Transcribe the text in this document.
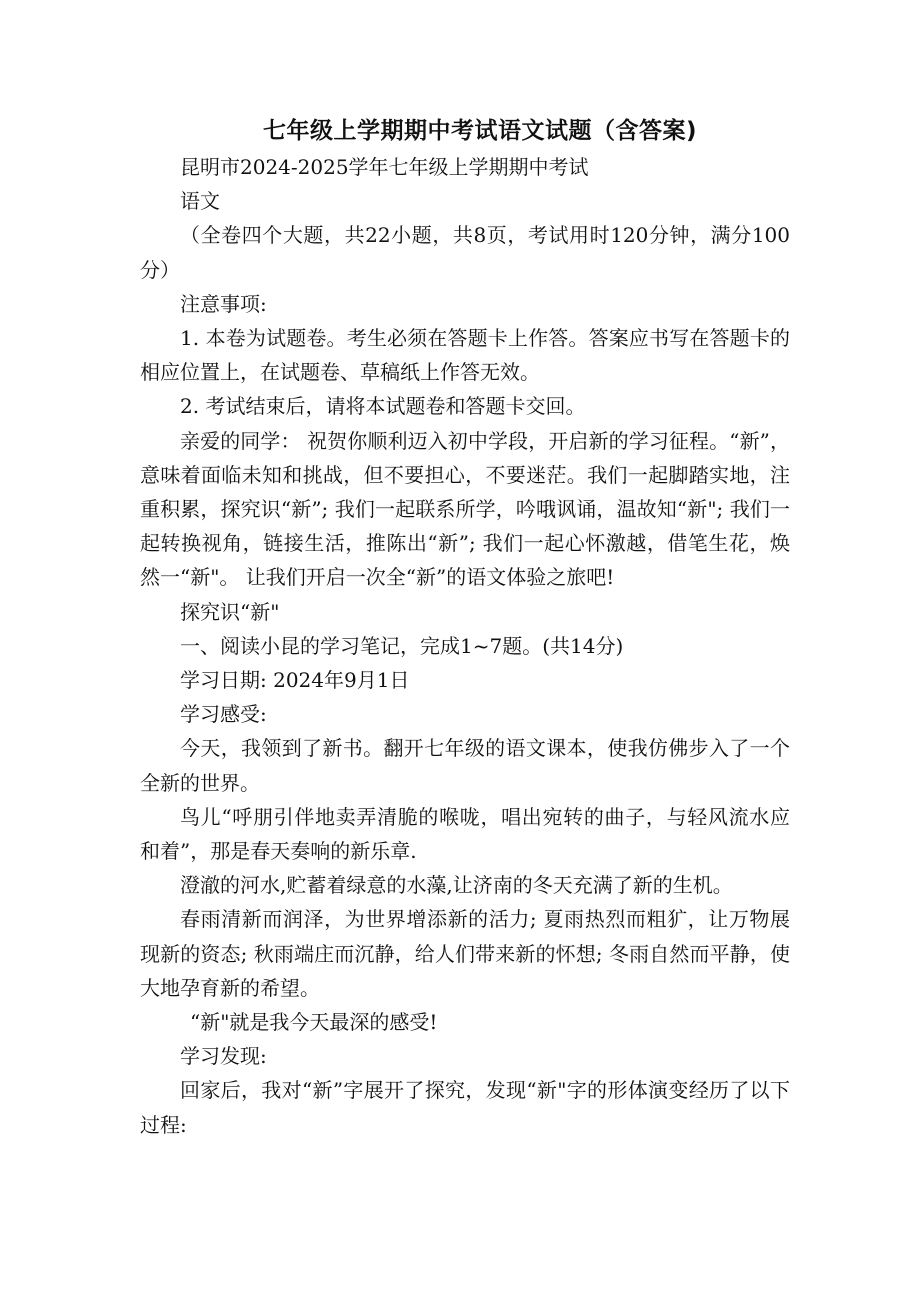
七年级上学期期中考试语文试题（含答案)

昆明市2024-2025学年七年级上学期期中考试

语文

（全卷四个大题，共22小题，共8页，考试用时120分钟，满分100分）

注意事项:

1. 本卷为试题卷。考生必须在答题卡上作答。答案应书写在答题卡的相应位置上，在试题卷、草稿纸上作答无效。

2. 考试结束后，请将本试题卷和答题卡交回。

亲爱的同学： 祝贺你顺利迈入初中学段，开启新的学习征程。“新”，意味着面临未知和挑战，但不要担心，不要迷茫。我们一起脚踏实地，注重积累，探究识“新”; 我们一起联系所学，吟哦讽诵，温故知“新"; 我们一起转换视角，链接生活，推陈出“新”; 我们一起心怀激越，借笔生花，焕然一“新"。 让我们开启一次全“新”的语文体验之旅吧!

探究识“新"

一、阅读小昆的学习笔记，完成1~7题。(共14分)

学习日期: 2024年9月1日

学习感受:

今天，我领到了新书。翻开七年级的语文课本，使我仿佛步入了一个全新的世界。

鸟儿“呼朋引伴地卖弄清脆的喉咙，唱出宛转的曲子，与轻风流水应和着”，那是春天奏响的新乐章.

澄澈的河水,贮蓄着绿意的水藻,让济南的冬天充满了新的生机。

春雨清新而润泽，为世界增添新的活力; 夏雨热烈而粗犷，让万物展现新的资态; 秋雨端庄而沉静，给人们带来新的怀想; 冬雨自然而平静，使大地孕育新的希望。

“新"就是我今天最深的感受!

学习发现:

回家后，我对“新”字展开了探究，发现“新"字的形体演变经历了以下过程:
